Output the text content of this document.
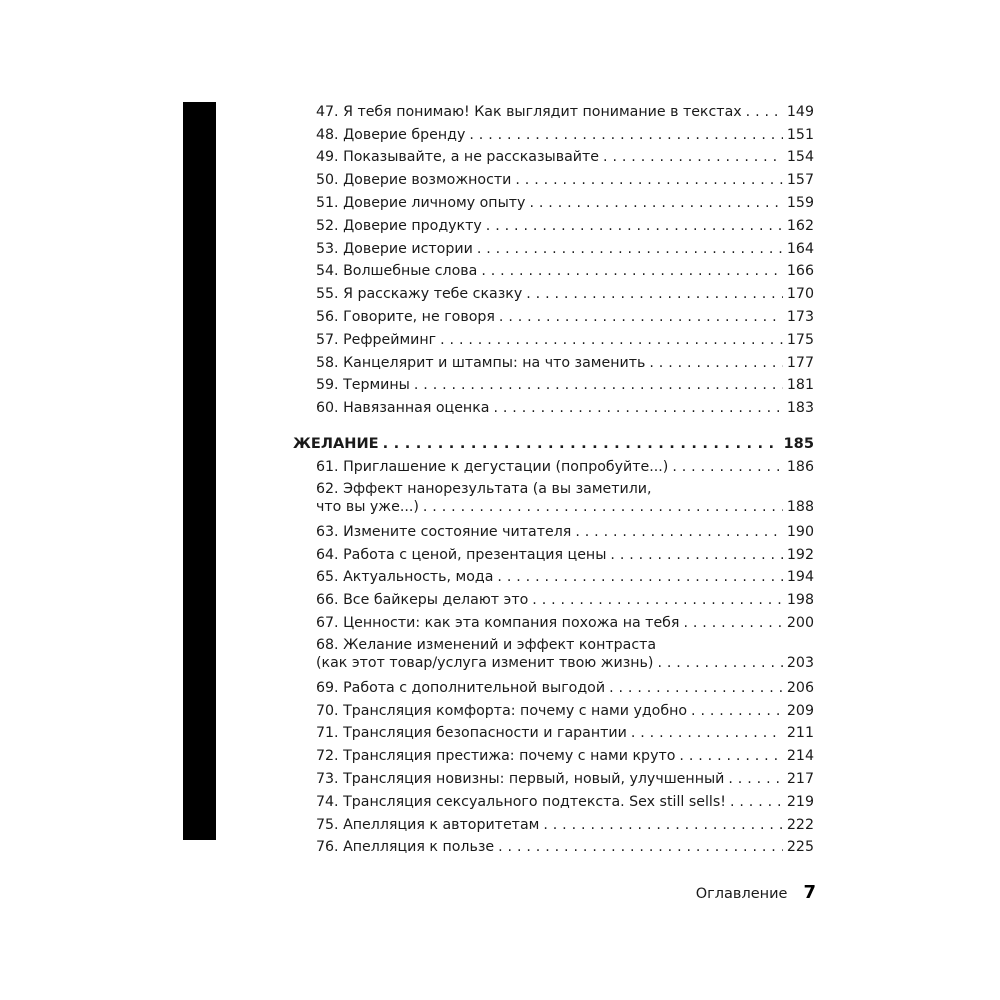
47. Я тебя понимаю! Как выглядит понимание в текстах . . .	149
48. Доверие бренду . . .	151
49. Показывайте, а не рассказывайте . . .	154
50. Доверие возможности . . .	157
51. Доверие личному опыту . . .	159
52. Доверие продукту . . .	162
53. Доверие истории . . .	164
54. Волшебные слова . . .	166
55. Я расскажу тебе сказку . . .	170
56. Говорите, не говоря . . .	173
57. Рефрейминг . . .	175
58. Канцелярит и штампы: на что заменить . . .	177
59. Термины . . .	181
60. Навязанная оценка . . .	183
ЖЕЛАНИЕ . . .	185
61. Приглашение к дегустации (попробуйте...) . . .	186
62. Эффект нанорезультата (а вы заметили,
что вы уже...) . . .	188
63. Измените состояние читателя . . .	190
64. Работа с ценой, презентация цены . . .	192
65. Актуальность, мода . . .	194
66. Все байкеры делают это . . .	198
67. Ценности: как эта компания похожа на тебя . . .	200
68. Желание изменений и эффект контраста
(как этот товар/услуга изменит твою жизнь) . . .	203
69. Работа с дополнительной выгодой . . .	206
70. Трансляция комфорта: почему с нами удобно . . .	209
71. Трансляция безопасности и гарантии . . .	211
72. Трансляция престижа: почему с нами круто . . .	214
73. Трансляция новизны: первый, новый, улучшенный . . .	217
74. Трансляция сексуального подтекста. Sex still sells! . . .	219
75. Апелляция к авторитетам . . .	222
76. Апелляция к пользе . . .	225
Оглавление 7
